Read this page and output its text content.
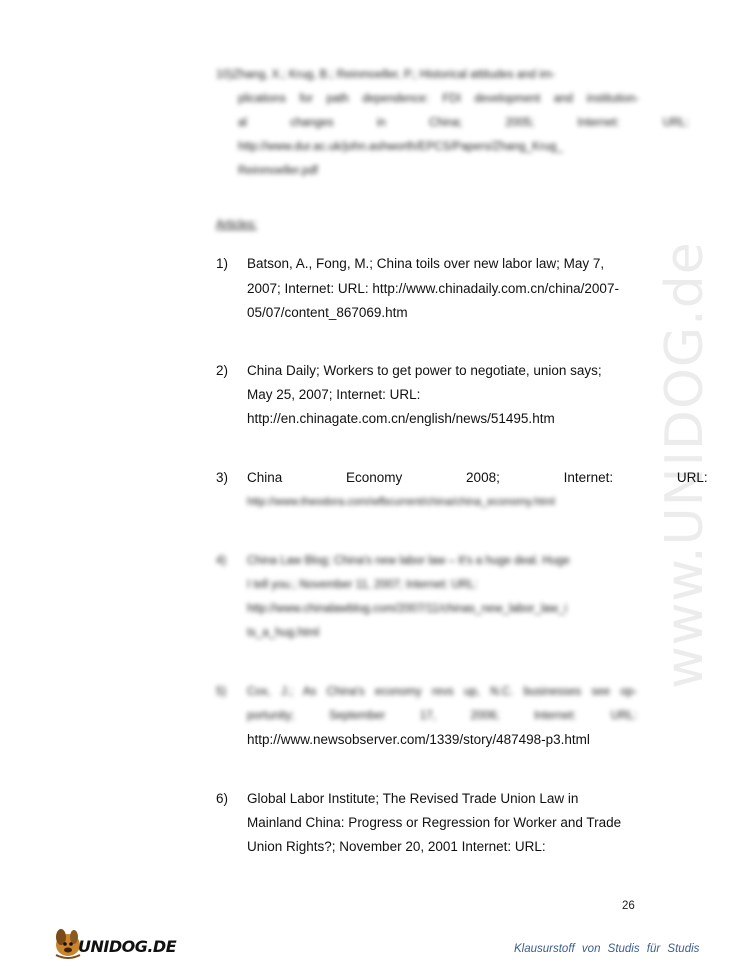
www.UNIDOG.de
10)Zhang, X.; Krug, B.; Reinmoeller, P.; Historical attitudes and im-
plications for path dependence: FDI development and institution-
al changes in China; 2005; Internet: URL:
http://www.dur.ac.uk/john.ashworth/EPCS/Papers/Zhang_Krug_
Reinmoeller.pdf
Articles:
1) Batson, A., Fong, M.; China toils over new labor law; May 7,
2007; Internet: URL: http://www.chinadaily.com.cn/china/2007-
05/07/content_867069.htm
2) China Daily; Workers to get power to negotiate, union says;
May 25, 2007; Internet: URL:
http://en.chinagate.com.cn/english/news/51495.htm
3) China Economy 2008; Internet: URL:
http://www.theodora.com/wfbcurrent/china/china_economy.html
4) China Law Blog; China's new labor law – It's a huge deal. Huge
I tell you.; November 11, 2007; Internet: URL:
http://www.chinalawblog.com/2007/11/chinas_new_labor_law_i
ts_a_hug.html
5) Cox, J.; As China's economy revs up, N.C. businesses see op-
portunity; September 17, 2006; Internet: URL:
http://www.newsobserver.com/1339/story/487498-p3.html
6) Global Labor Institute; The Revised Trade Union Law in
Mainland China: Progress or Regression for Worker and Trade
Union Rights?; November 20, 2001 Internet: URL:
26
UNIDOG.DE	Klausurstoff von Studis für Studis
